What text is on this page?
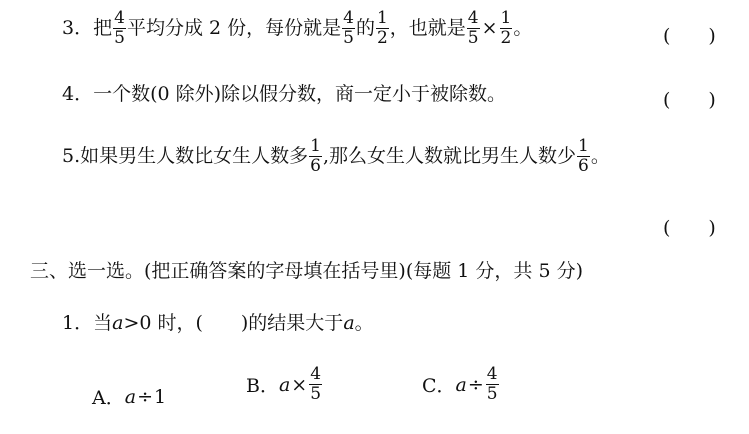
3． 把 $\frac{4}{5}$ 平均分成 2 份，每份就是 $\frac{4}{5}$ 的 $\frac{1}{2}$ ，也就是 $\frac{4}{5} \times \frac{1}{2}$ 。	(　　)
4． 一个数(0 除外)除以假分数，商一定小于被除数。	(　　)
5. 如果男生人数比女生人数多 $\frac{1}{6}$ ,那么女生人数就比男生人数少 $\frac{1}{6}$ 。
(　　)
三、选一选。(把正确答案的字母填在括号里)(每题 1 分，共 5 分)
1． 当 a >0 时，(　　)的结果大于 a 。
A． a ÷ 1	B． $a \times \frac{4}{5}$	C． $a \div \frac{4}{5}$
